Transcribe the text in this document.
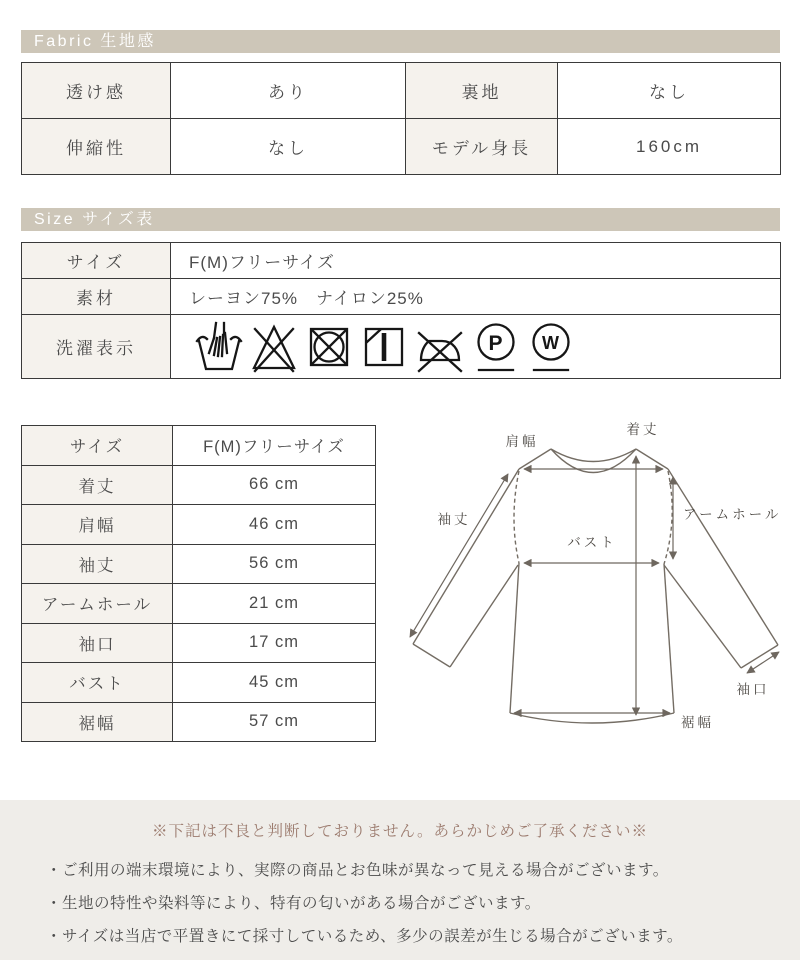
Fabric 生地感
透け感	あり	裏地	なし
伸縮性	なし	モデル身長	160cm
Size サイズ表
サイズ	F(M)フリーサイズ
素材	レーヨン75%　ナイロン25%
洗濯表示	P W
サイズ	F(M)フリーサイズ
着丈	66 cm
肩幅	46 cm
袖丈	56 cm
アームホール	21 cm
袖口	17 cm
バスト	45 cm
裾幅	57 cm
着丈
肩幅
袖丈	アームホール
バスト
袖口
裾幅

※下記は不良と判断しておりません。あらかじめご了承ください※

・ご利用の端末環境により、実際の商品とお色味が異なって見える場合がございます。
・生地の特性や染料等により、特有の匂いがある場合がございます。
・サイズは当店で平置きにて採寸しているため、多少の誤差が生じる場合がございます。
